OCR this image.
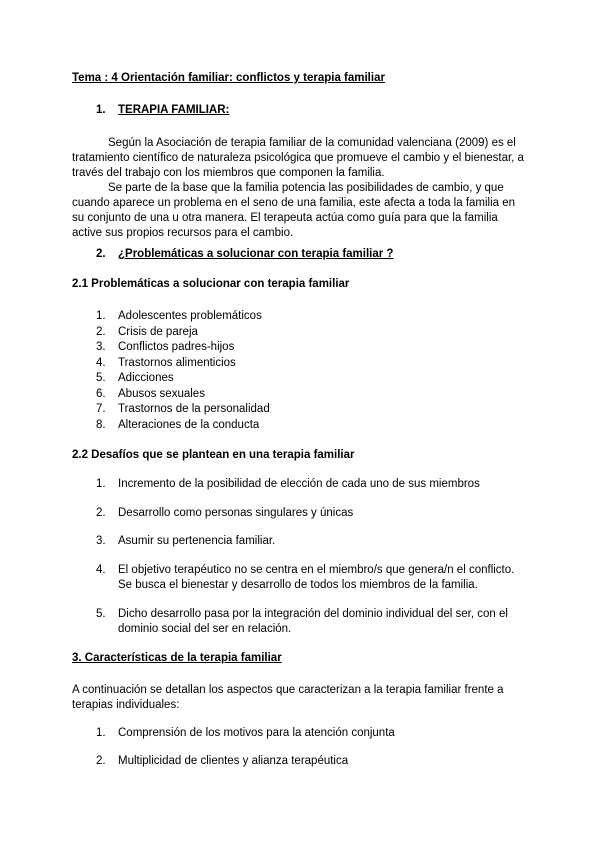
Tema : 4 Orientación familiar: conflictos y terapia familiar

1. TERAPIA FAMILIAR:

Según la Asociación de terapia familiar de la comunidad valenciana (2009) es el tratamiento científico de naturaleza psicológica que promueve el cambio y el bienestar, a través del trabajo con los miembros que componen la familia.

Se parte de la base que la familia potencia las posibilidades de cambio, y que cuando aparece un problema en el seno de una familia, este afecta a toda la familia en su conjunto de una u otra manera. El terapeuta actúa como guía para que la familia active sus propios recursos para el cambio.

2. ¿Problemáticas a solucionar con terapia familiar ?

2.1 Problemáticas a solucionar con terapia familiar

Adolescentes problemáticos
Crisis de pareja
Conflictos padres-hijos
Trastornos alimenticios
Adicciones
Abusos sexuales
Trastornos de la personalidad
Alteraciones de la conducta

2.2 Desafíos que se plantean en una terapia familiar

Incremento de la posibilidad de elección de cada uno de sus miembros
Desarrollo como personas singulares y únicas
Asumir su pertenencia familiar.
El objetivo terapéutico no se centra en el miembro/s que genera/n el conflicto. Se busca el bienestar y desarrollo de todos los miembros de la familia.
Dicho desarrollo pasa por la integración del dominio individual del ser, con el dominio social del ser en relación.

3. Características de la terapia familiar

A continuación se detallan los aspectos que caracterizan a la terapia familiar frente a terapias individuales:

Comprensión de los motivos para la atención conjunta
Multiplicidad de clientes y alianza terapéutica
